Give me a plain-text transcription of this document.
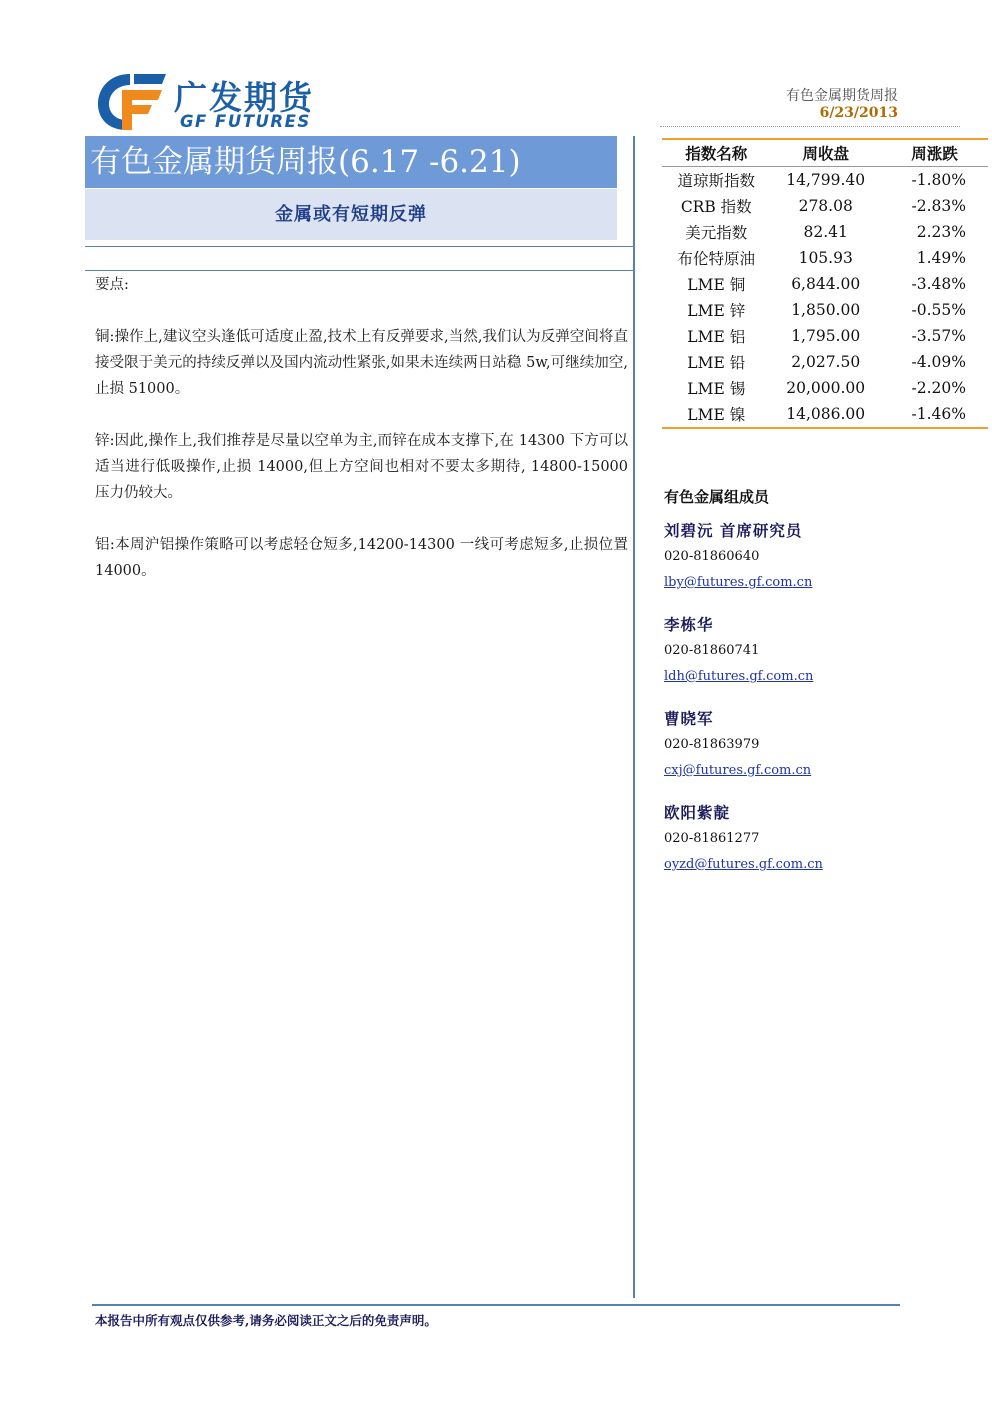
广发期货
GF FUTURES
有色金属期货周报
6/23/2013
有色金属期货周报(6.17 -6.21)
金属或有短期反弹

要点:

铜:操作上,建议空头逢低可适度止盈,技术上有反弹要求,当然,我们认为反弹空间将直接受限于美元的持续反弹以及国内流动性紧张,如果未连续两日站稳 5w,可继续加空,止损 51000。

锌:因此,操作上,我们推荐是尽量以空单为主,而锌在成本支撑下,在 14300 下方可以适当进行低吸操作,止损 14000,但上方空间也相对不要太多期待, 14800-15000 压力仍较大。

铝:本周沪铝操作策略可以考虑轻仓短多,14200-14300 一线可考虑短多,止损位置 14000。

指数名称	周收盘	周涨跌
道琼斯指数	14,799.40	-1.80%
CRB 指数	278.08	-2.83%
美元指数	82.41	2.23%
布伦特原油	105.93	1.49%
LME 铜	6,844.00	-3.48%
LME 锌	1,850.00	-0.55%
LME 铝	1,795.00	-3.57%
LME 铅	2,027.50	-4.09%
LME 锡	20,000.00	-2.20%
LME 镍	14,086.00	-1.46%
有色金属组成员
刘碧沅 首席研究员
020-81860640
lby@futures.gf.com.cn
李栋华
020-81860741
ldh@futures.gf.com.cn
曹晓军
020-81863979
cxj@futures.gf.com.cn
欧阳紫靛
020-81861277
oyzd@futures.gf.com.cn
本报告中所有观点仅供参考,请务必阅读正文之后的免责声明。
